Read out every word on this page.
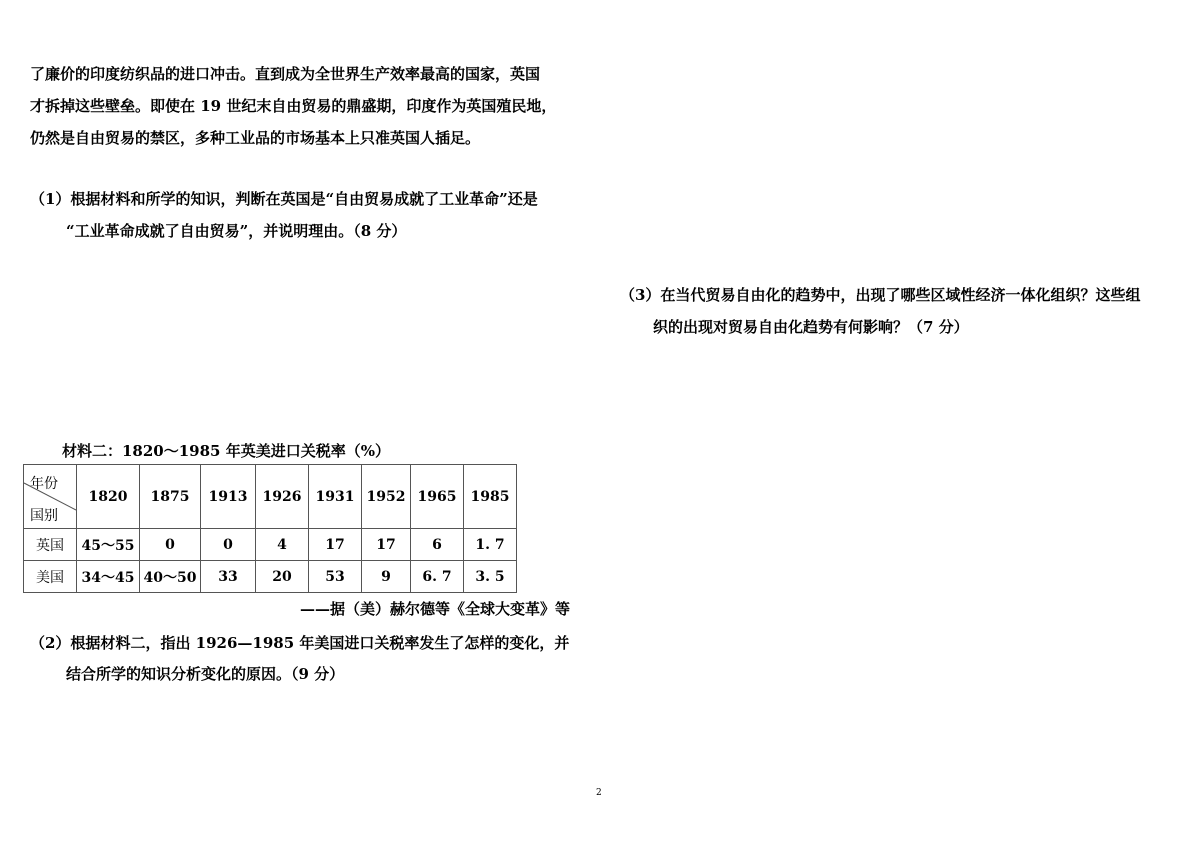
了廉价的印度纺织品的进口冲击。直到成为全世界生产效率最高的国家，英国
才拆掉这些壁垒。即使在 19 世纪末自由贸易的鼎盛期，印度作为英国殖民地，
仍然是自由贸易的禁区，多种工业品的市场基本上只准英国人插足。
（1）根据材料和所学的知识，判断在英国是“自由贸易成就了工业革命”还是
“工业革命成就了自由贸易”，并说明理由。（8 分）
（3）在当代贸易自由化的趋势中，出现了哪些区域性经济一体化组织？这些组
织的出现对贸易自由化趋势有何影响？（7 分）
材料二：1820～1985 年英美进口关税率（%）
年份
国别	1820	1875	1913	1926	1931	1952	1965	1985
英国	45～55	0	0	4	17	17	6	1. 7
美国	34～45	40～50	33	20	53	9	6. 7	3. 5
——据（美）赫尔德等《全球大变革》等
（2）根据材料二，指出 1926—1985 年美国进口关税率发生了怎样的变化，并
结合所学的知识分析变化的原因。（9 分）
2
